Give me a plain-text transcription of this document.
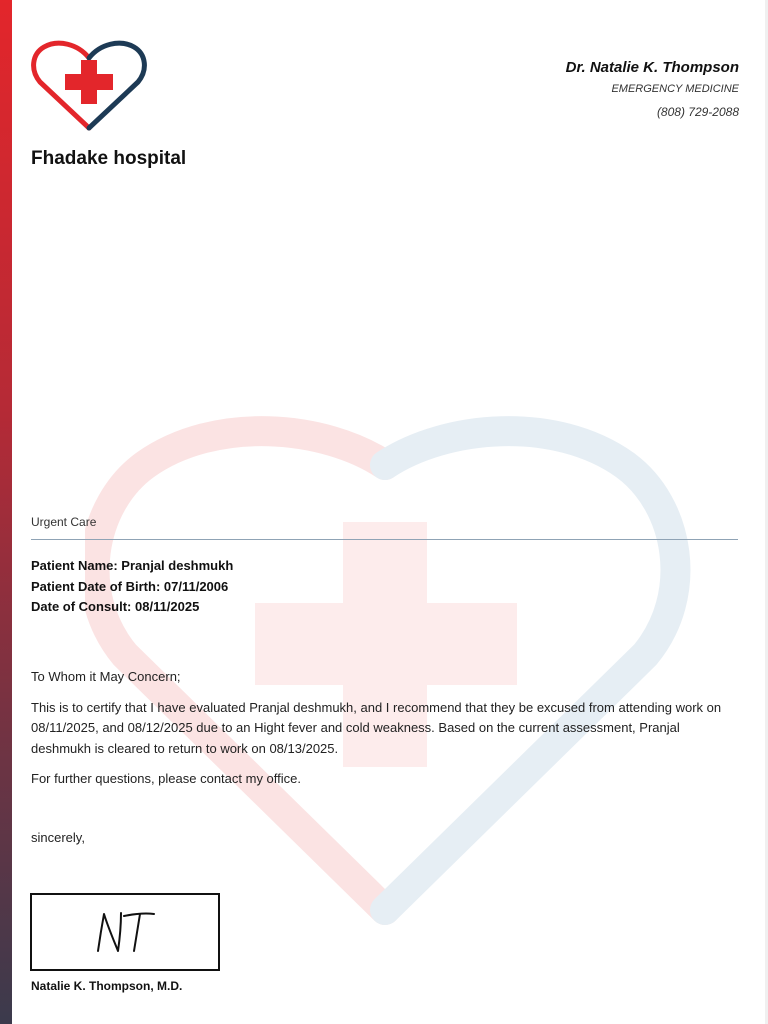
Fhadake hospital
Dr. Natalie K. Thompson
EMERGENCY MEDICINE
(808) 729-2088
Urgent Care
Patient Name: Pranjal deshmukh
Patient Date of Birth: 07/11/2006
Date of Consult: 08/11/2025

To Whom it May Concern;

This is to certify that I have evaluated Pranjal deshmukh, and I recommend that they be excused from attending work on 08/11/2025, and 08/12/2025 due to an Hight fever and cold weakness. Based on the current assessment, Pranjal deshmukh is cleared to return to work on 08/13/2025.

For further questions, please contact my office.

sincerely,
Natalie K. Thompson, M.D.
